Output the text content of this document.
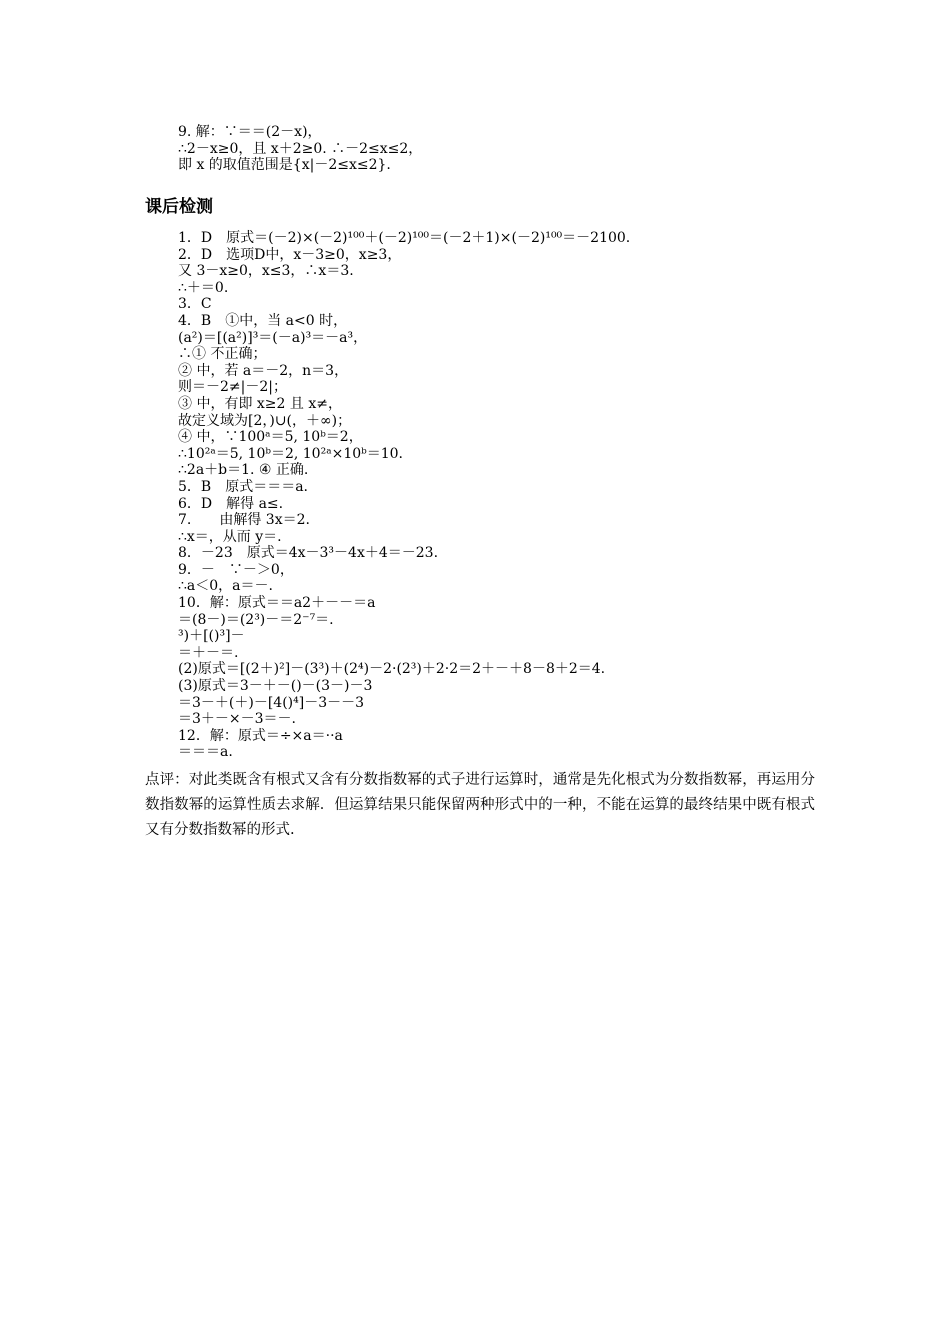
9. 解：∵＝＝(2－x)，
∴2－x≥0，且 x＋2≥0. ∴－2≤x≤2，
即 x 的取值范围是{x|－2≤x≤2}.
课后检测
1．D　原式＝(－2)×(－2)¹⁰⁰＋(－2)¹⁰⁰＝(－2＋1)×(－2)¹⁰⁰＝－2100.
2．D　选项D中，x－3≥0，x≥3，
又 3－x≥0，x≤3，∴x＝3.
∴＋＝0.
3．C
4．B　①中，当 a<0 时，
(a²)＝[(a²)]³＝(－a)³＝－a³，
∴① 不正确；
② 中，若 a＝－2，n＝3，
则＝－2≠|－2|；
③ 中，有即 x≥2 且 x≠，
故定义域为[2，)∪(，＋∞)；
④ 中，∵100ᵃ＝5, 10ᵇ＝2，
∴10²ᵃ＝5, 10ᵇ＝2, 10²ᵃ×10ᵇ＝10.
∴2a＋b＝1. ④ 正确.
5．B　原式＝＝＝a.
6．D　解得 a≤.
7.　　由解得 3x＝2.
∴x＝，从而 y＝.
8．－23　原式＝4x－3³－4x＋4＝－23.
9．－　∵－＞0，
∴a＜0，a＝－.
10．解：原式＝＝a2＋－－＝a
＝(8－)＝(2³)－＝2⁻⁷＝.
³)＋[()³]－
＝＋－＝.
(2)原式＝[(2＋)²]－(3³)＋(2⁴)－2·(2³)＋2·2＝2＋－＋8－8＋2＝4.
(3)原式＝3－＋－()－(3－)－3
＝3－＋(＋)－[4()⁴]－3－－3
＝3＋－×－3＝－.
12．解：原式＝÷×a＝··a
＝＝＝a.
点评：对此类既含有根式又含有分数指数幂的式子进行运算时，通常是先化根式为分数指数幂，再运用分数指数幂的运算性质去求解．但运算结果只能保留两种形式中的一种，不能在运算的最终结果中既有根式又有分数指数幂的形式.
